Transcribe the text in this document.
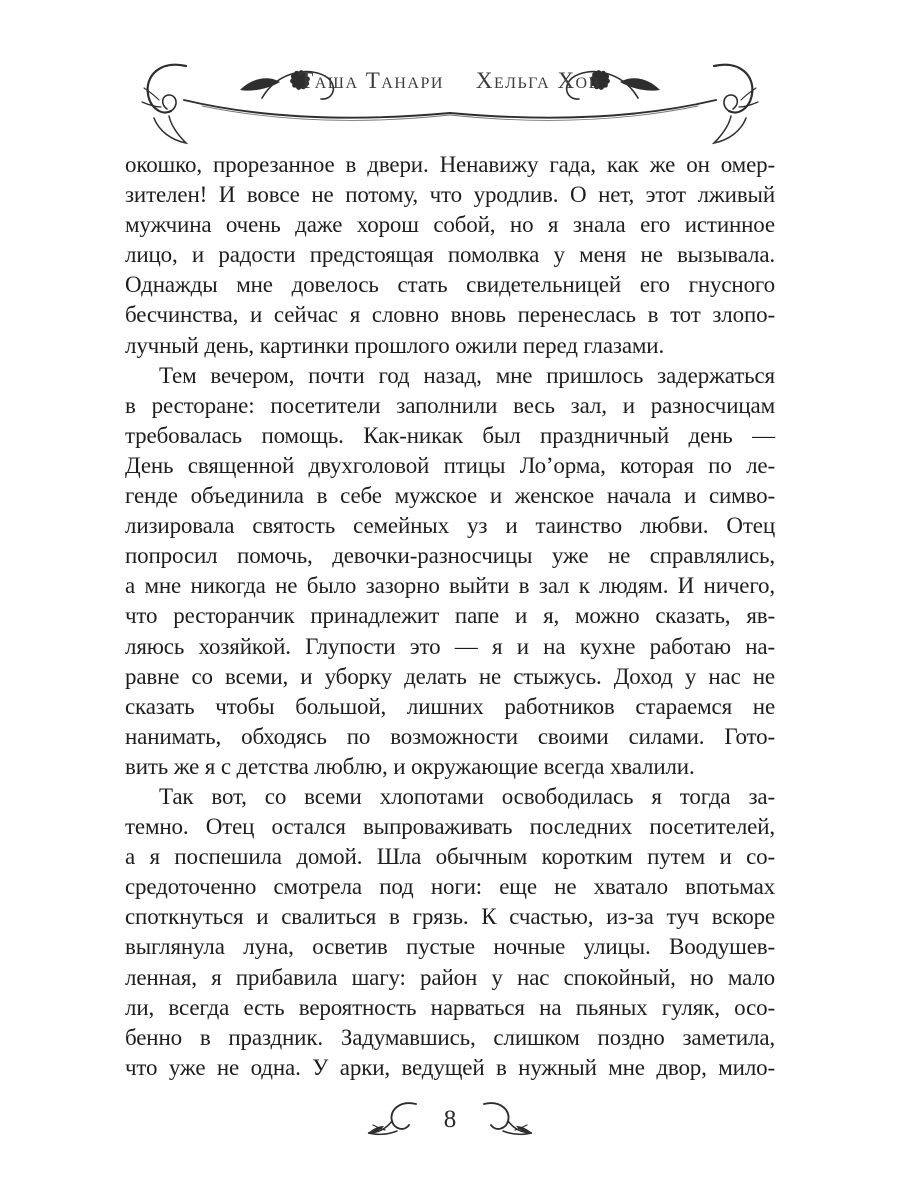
Таша Танари Хельга Хов
окошко, прорезанное в двери. Ненавижу гада, как же он омер-
зителен! И вовсе не потому, что уродлив. О нет, этот лживый
мужчина очень даже хорош собой, но я знала его истинное
лицо, и радости предстоящая помолвка у меня не вызывала.
Однажды мне довелось стать свидетельницей его гнусного
бесчинства, и сейчас я словно вновь перенеслась в тот злопо-
лучный день, картинки прошлого ожили перед глазами.
Тем вечером, почти год назад, мне пришлось задержаться
в ресторане: посетители заполнили весь зал, и разносчицам
требовалась помощь. Как-никак был праздничный день —
День священной двухголовой птицы Ло’орма, которая по ле-
генде объединила в себе мужское и женское начала и симво-
лизировала святость семейных уз и таинство любви. Отец
попросил помочь, девочки-разносчицы уже не справлялись,
а мне никогда не было зазорно выйти в зал к людям. И ничего,
что ресторанчик принадлежит папе и я, можно сказать, яв-
ляюсь хозяйкой. Глупости это — я и на кухне работаю на-
равне со всеми, и уборку делать не стыжусь. Доход у нас не
сказать чтобы большой, лишних работников стараемся не
нанимать, обходясь по возможности своими силами. Гото-
вить же я с детства люблю, и окружающие всегда хвалили.
Так вот, со всеми хлопотами освободилась я тогда за-
темно. Отец остался выпроваживать последних посетителей,
а я поспешила домой. Шла обычным коротким путем и со-
средоточенно смотрела под ноги: еще не хватало впотьмах
споткнуться и свалиться в грязь. К счастью, из-за туч вскоре
выглянула луна, осветив пустые ночные улицы. Воодушев-
ленная, я прибавила шагу: район у нас спокойный, но мало
ли, всегда есть вероятность нарваться на пьяных гуляк, осо-
бенно в праздник. Задумавшись, слишком поздно заметила,
что уже не одна. У арки, ведущей в нужный мне двор, мило-
8
